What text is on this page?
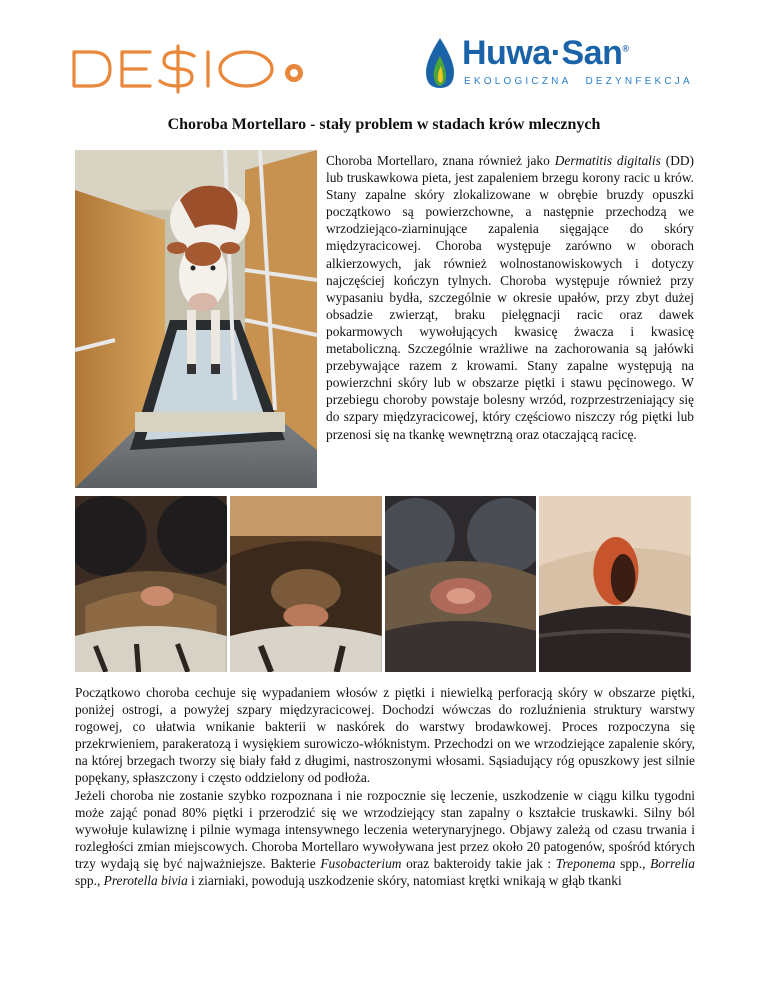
Huwa·San®
EKOLOGICZNA DEZYNFEKCJA
Choroba Mortellaro - stały problem w stadach krów mlecznych

Choroba Mortellaro, znana również jako Dermatitis digitalis (DD) lub truskawkowa pieta, jest zapaleniem brzegu korony racic u krów. Stany zapalne skóry zlokalizowane w obrębie bruzdy opuszki początkowo są powierzchowne, a następnie przechodzą we wrzodziejąco-ziarninujące zapalenia sięgające do skóry międzyracicowej. Choroba występuje zarówno w oborach alkierzowych, jak również wolnostanowiskowych i dotyczy najczęściej kończyn tylnych. Choroba występuje również przy wypasaniu bydła, szczególnie w okresie upałów, przy zbyt dużej obsadzie zwierząt, braku pielęgnacji racic oraz dawek pokarmowych wywołujących kwasicę żwacza i kwasicę metaboliczną. Szczególnie wrażliwe na zachorowania są jałówki przebywające razem z krowami. Stany zapalne występują na powierzchni skóry lub w obszarze piętki i stawu pęcinowego. W przebiegu choroby powstaje bolesny wrzód, rozprzestrzeniający się do szpary międzyracicowej, który częściowo niszczy róg piętki lub przenosi się na tkankę wewnętrzną oraz otaczającą racicę.

Początkowo choroba cechuje się wypadaniem włosów z piętki i niewielką perforacją skóry w obszarze piętki, poniżej ostrogi, a powyżej szpary międzyracicowej. Dochodzi wówczas do rozluźnienia struktury warstwy rogowej, co ułatwia wnikanie bakterii w naskórek do warstwy brodawkowej. Proces rozpoczyna się przekrwieniem, parakeratozą i wysiękiem surowiczo-włóknistym. Przechodzi on we wrzodziejące zapalenie skóry, na której brzegach tworzy się biały fałd z długimi, nastroszonymi włosami. Sąsiadujący róg opuszkowy jest silnie popękany, spłaszczony i często oddzielony od podłoża.

Jeżeli choroba nie zostanie szybko rozpoznana i nie rozpocznie się leczenie, uszkodzenie w ciągu kilku tygodni może zająć ponad 80% piętki i przerodzić się we wrzodziejący stan zapalny o kształcie truskawki. Silny ból wywołuje kulawiznę i pilnie wymaga intensywnego leczenia weterynaryjnego. Objawy zależą od czasu trwania i rozległości zmian miejscowych. Choroba Mortellaro wywoływana jest przez około 20 patogenów, spośród których trzy wydają się być najważniejsze. Bakterie Fusobacterium oraz bakteroidy takie jak : Treponema spp., Borrelia spp., Prerotella bivia i ziarniaki, powodują uszkodzenie skóry, natomiast krętki wnikają w głąb tkanki
